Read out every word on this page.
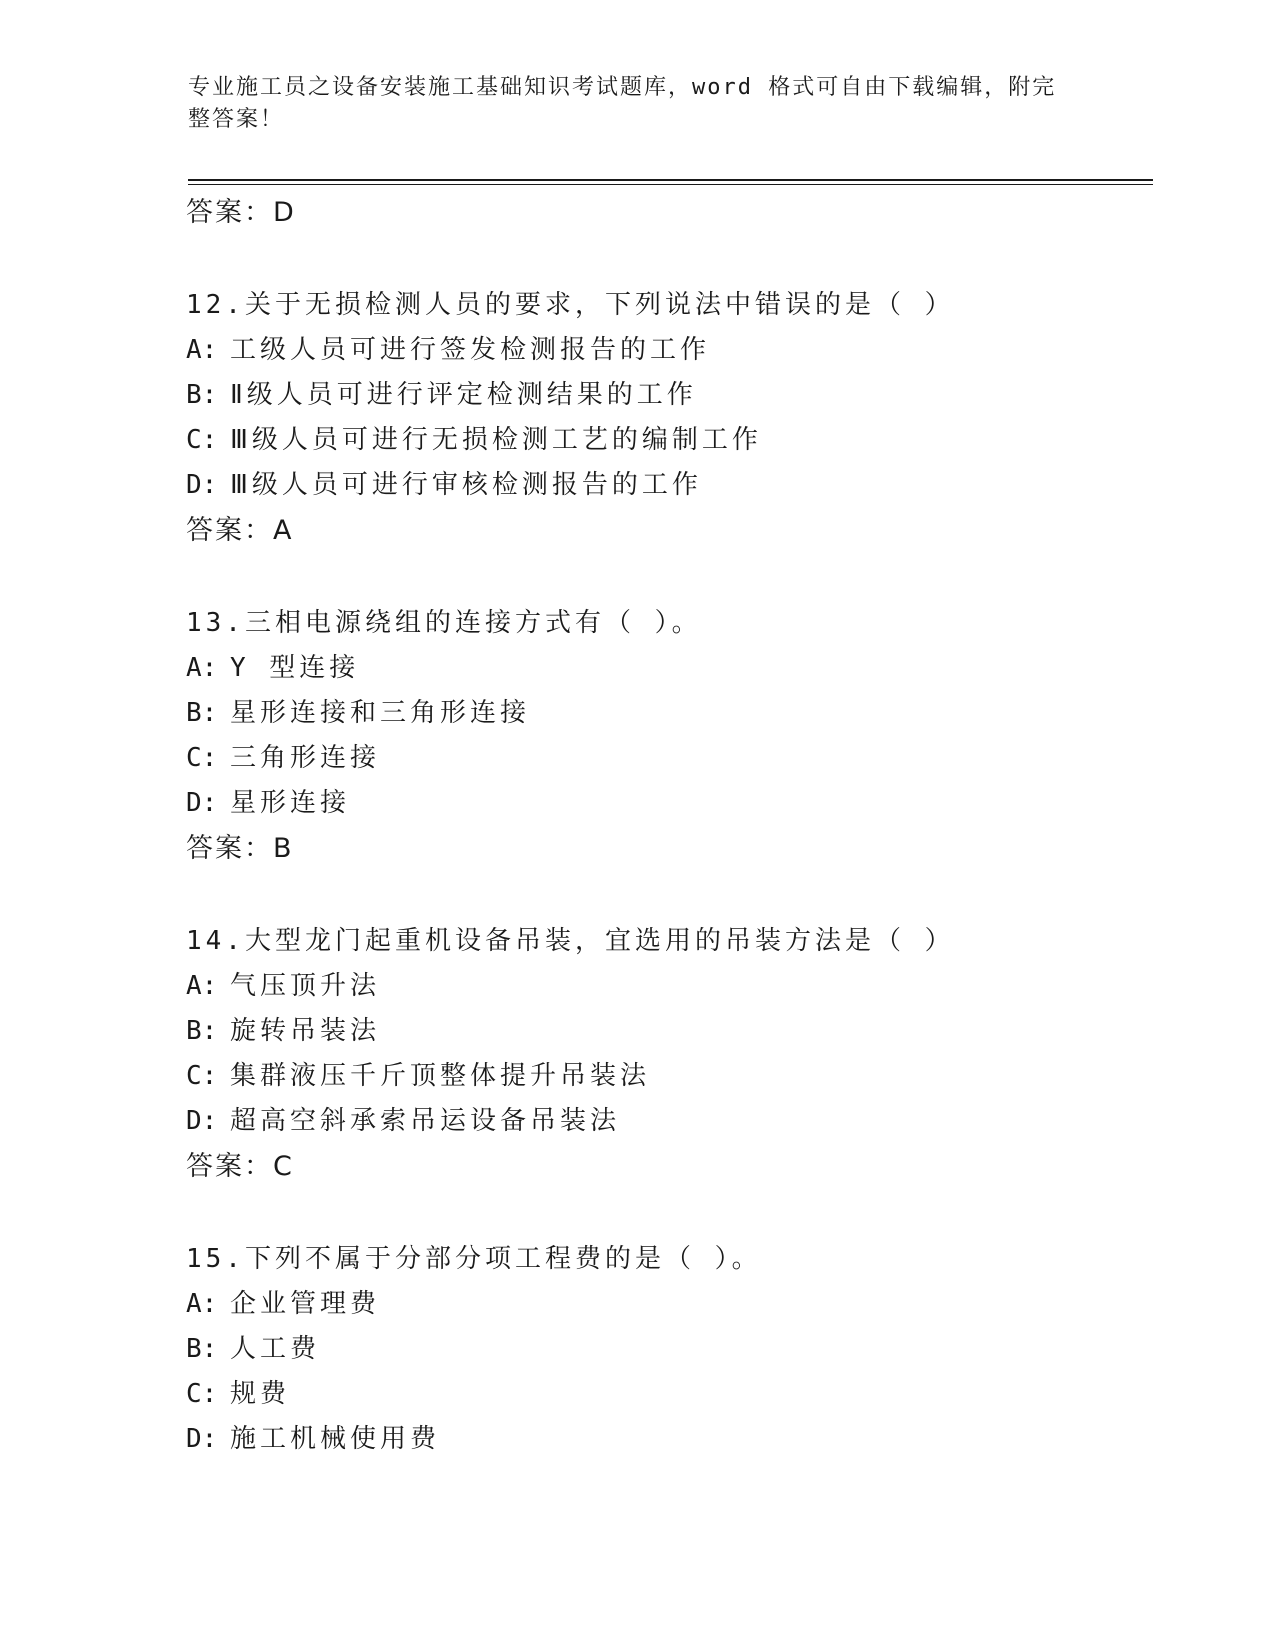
专业施工员之设备安装施工基础知识考试题库，word 格式可自由下载编辑，附完
整答案！

答案：D

12.关于无损检测人员的要求，下列说法中错误的是（ ）

A: 工级人员可进行签发检测报告的工作

B: Ⅱ级人员可进行评定检测结果的工作

C: Ⅲ级人员可进行无损检测工艺的编制工作

D: Ⅲ级人员可进行审核检测报告的工作

答案：A

13.三相电源绕组的连接方式有（ ）。

A: Y 型连接

B: 星形连接和三角形连接

C: 三角形连接

D: 星形连接

答案：B

14.大型龙门起重机设备吊装，宜选用的吊装方法是（ ）

A: 气压顶升法

B: 旋转吊装法

C: 集群液压千斤顶整体提升吊装法

D: 超高空斜承索吊运设备吊装法

答案：C

15.下列不属于分部分项工程费的是（ ）。

A: 企业管理费

B: 人工费

C: 规费

D: 施工机械使用费
